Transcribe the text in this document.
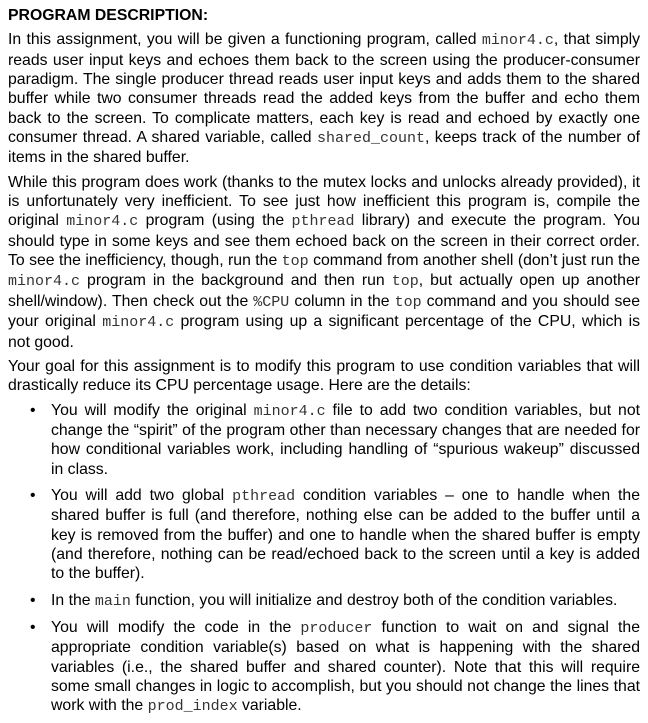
PROGRAM DESCRIPTION:

In this assignment, you will be given a functioning program, called minor4.c, that simply reads user input keys and echoes them back to the screen using the producer-consumer paradigm. The single producer thread reads user input keys and adds them to the shared buffer while two consumer threads read the added keys from the buffer and echo them back to the screen. To complicate matters, each key is read and echoed by exactly one consumer thread. A shared variable, called shared_count, keeps track of the number of items in the shared buffer.

While this program does work (thanks to the mutex locks and unlocks already provided), it is unfortunately very inefficient. To see just how inefficient this program is, compile the original minor4.c program (using the pthread library) and execute the program. You should type in some keys and see them echoed back on the screen in their correct order. To see the inefficiency, though, run the top command from another shell (don’t just run the minor4.c program in the background and then run top, but actually open up another shell/window). Then check out the %CPU column in the top command and you should see your original minor4.c program using up a significant percentage of the CPU, which is not good.

Your goal for this assignment is to modify this program to use condition variables that will drastically reduce its CPU percentage usage. Here are the details:

• You will modify the original minor4.c file to add two condition variables, but not change the “spirit” of the program other than necessary changes that are needed for how conditional variables work, including handling of “spurious wakeup” discussed in class.
• You will add two global pthread condition variables – one to handle when the shared buffer is full (and therefore, nothing else can be added to the buffer until a key is removed from the buffer) and one to handle when the shared buffer is empty (and therefore, nothing can be read/echoed back to the screen until a key is added to the buffer).
• In the main function, you will initialize and destroy both of the condition variables.
• You will modify the code in the producer function to wait on and signal the appropriate condition variable(s) based on what is happening with the shared variables (i.e., the shared buffer and shared counter). Note that this will require some small changes in logic to accomplish, but you should not change the lines that work with the prod_index variable.
